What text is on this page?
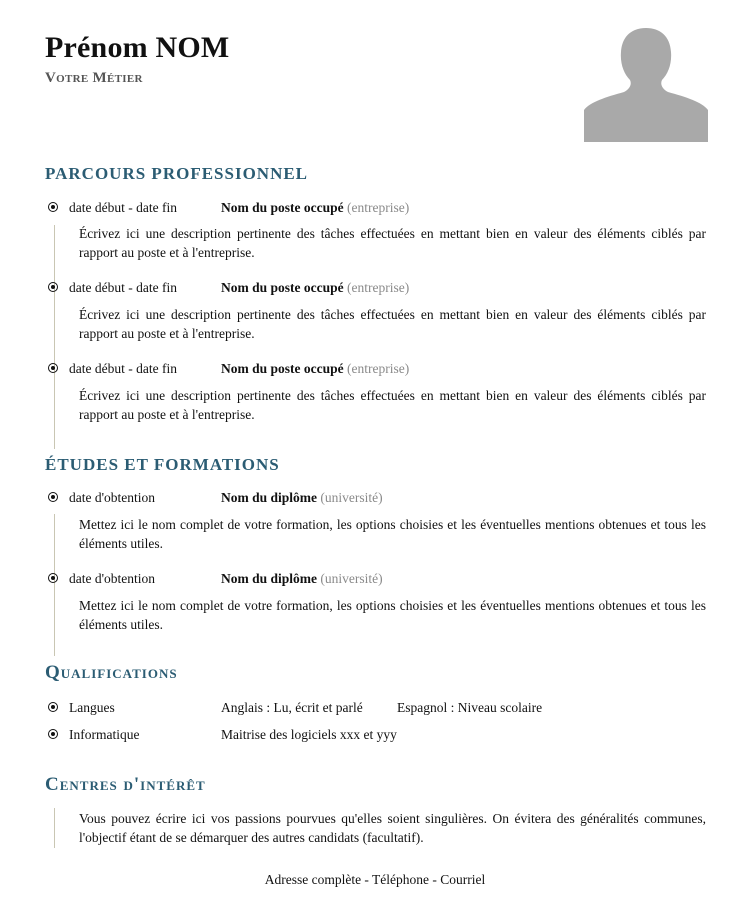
Prénom NOM
Votre Métier
PARCOURS PROFESSIONNEL
date début - date fin	Nom du poste occupé (entreprise)
Écrivez ici une description pertinente des tâches effectuées en mettant bien en valeur des éléments ciblés par rapport au poste et à l'entreprise.
date début - date fin	Nom du poste occupé (entreprise)
Écrivez ici une description pertinente des tâches effectuées en mettant bien en valeur des éléments ciblés par rapport au poste et à l'entreprise.
date début - date fin	Nom du poste occupé (entreprise)
Écrivez ici une description pertinente des tâches effectuées en mettant bien en valeur des éléments ciblés par rapport au poste et à l'entreprise.
ÉTUDES ET FORMATIONS
date d'obtention	Nom du diplôme (université)
Mettez ici le nom complet de votre formation, les options choisies et les éventuelles mentions obtenues et tous les éléments utiles.
date d'obtention	Nom du diplôme (université)
Mettez ici le nom complet de votre formation, les options choisies et les éventuelles mentions obtenues et tous les éléments utiles.
Qualifications
Langues	Anglais : Lu, écrit et parlé	Espagnol : Niveau scolaire
Informatique	Maitrise des logiciels xxx et yyy
Centres d'intérêt
Vous pouvez écrire ici vos passions pourvues qu'elles soient singulières. On évitera des généralités communes, l'objectif étant de se démarquer des autres candidats (facultatif).
Adresse complète - Téléphone - Courriel
